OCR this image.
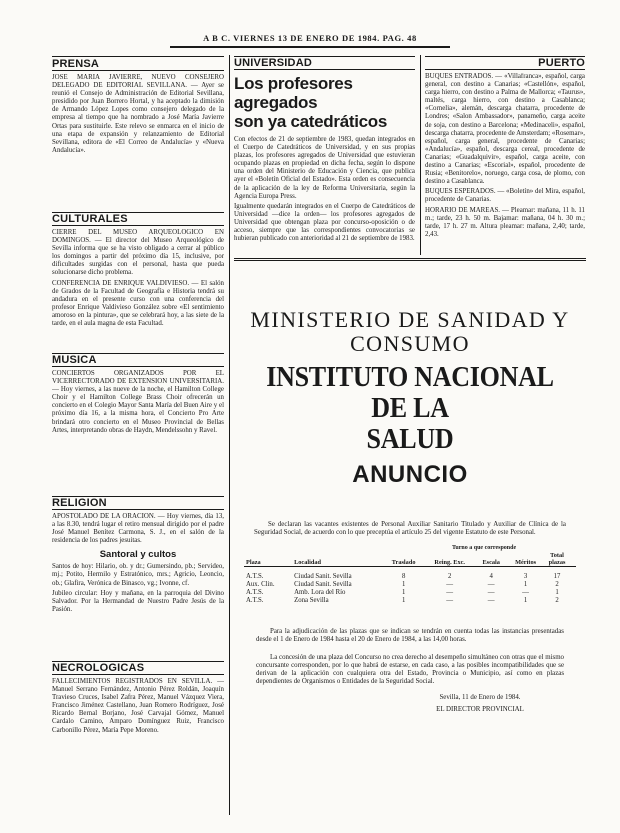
A B C. VIERNES 13 DE ENERO DE 1984. PAG. 48
PRENSA

JOSE MARIA JAVIERRE, NUEVO CONSEJERO DELEGADO DE EDITORIAL SEVILLANA. — Ayer se reunió el Consejo de Administración de Editorial Sevillana, presidido por Juan Borrero Hortal, y ha aceptado la dimisión de Armando López Lopes como consejero delegado de la empresa al tiempo que ha nombrado a José María Javierre Ortas para sustituirle. Este relevo se enmarca en el inicio de una etapa de expansión y relanzamiento de Editorial Sevillana, editora de «El Correo de Andalucía» y «Nueva Andalucía».

CULTURALES

CIERRE DEL MUSEO ARQUEOLOGICO EN DOMINGOS. — El director del Museo Arqueológico de Sevilla informa que se ha visto obligado a cerrar al público los domingos a partir del próximo día 15, inclusive, por dificultades surgidas con el personal, hasta que pueda solucionarse dicho problema.

CONFERENCIA DE ENRIQUE VALDIVIESO. — El salón de Grados de la Facultad de Geografía e Historia tendrá su andadura en el presente curso con una conferencia del profesor Enrique Valdivieso González sobre «El sentimiento amoroso en la pintura», que se celebrará hoy, a las siete de la tarde, en el aula magna de esta Facultad.

MUSICA

CONCIERTOS ORGANIZADOS POR EL VICERRECTORADO DE EXTENSION UNIVERSITARIA. — Hoy viernes, a las nueve de la noche, el Hamilton College Choir y el Hamilton College Brass Choir ofrecerán un concierto en el Colegio Mayor Santa María del Buen Aire y el próximo día 16, a la misma hora, el Concierto Pro Arte brindará otro concierto en el Museo Provincial de Bellas Artes, interpretando obras de Haydn, Mendelssohn y Ravel.

RELIGION

APOSTOLADO DE LA ORACION. — Hoy viernes, día 13, a las 8.30, tendrá lugar el retiro mensual dirigido por el padre José Manuel Benítez Carmona, S. J., en el salón de la residencia de los padres jesuitas.

Santoral y cultos

Santos de hoy: Hilario, ob. y dr.; Gumersindo, pb.; Servideo, mj.; Potito, Hermilo y Estratónico, mrs.; Agricio, Leoncio, ob.; Glafira, Verónica de Binasco, vg.; Ivonne, cf.

Jubileo circular: Hoy y mañana, en la parroquia del Divino Salvador. Por la Hermandad de Nuestro Padre Jesús de la Pasión.

NECROLOGICAS

FALLECIMIENTOS REGISTRADOS EN SEVILLA. — Manuel Serrano Fernández, Antonio Pérez Roldán, Joaquín Travieso Cruces, Isabel Zafra Pérez, Manuel Vázquez Viera, Francisco Jiménez Castellano, Juan Romero Rodríguez, José Ricardo Bernal Borjano, José Carvajal Gómez, Manuel Cardalo Camino, Amparo Domínguez Ruiz, Francisco Carbonillo Pérez, María Pepe Moreno.

UNIVERSIDAD
Los profesores agregados
son ya catedráticos

Con efectos de 21 de septiembre de 1983, quedan integrados en el Cuerpo de Catedráticos de Universidad, y en sus propias plazas, los profesores agregados de Universidad que estuvieran ocupando plazas en propiedad en dicha fecha, según lo dispone una orden del Ministerio de Educación y Ciencia, que publica ayer el «Boletín Oficial del Estado». Esta orden es consecuencia de la aplicación de la ley de Reforma Universitaria, según la Agencia Europa Press.

Igualmente quedarán integrados en el Cuerpo de Catedráticos de Universidad —dice la orden— los profesores agregados de Universidad que obtengan plaza por concurso-oposición o de acceso, siempre que las correspondientes convocatorias se hubieran publicado con anterioridad al 21 de septiembre de 1983.

PUERTO

BUQUES ENTRADOS. — «Villafranca», español, carga general, con destino a Canarias; «Castellón», español, carga hierro, con destino a Palma de Mallorca; «Taurus», maltés, carga hierro, con destino a Casablanca; «Cornelia», alemán, descarga chatarra, procedente de Londres; «Salon Ambassador», panameño, carga aceite de soja, con destino a Barcelona; «Medinaceli», español, descarga chatarra, procedente de Amsterdam; «Rosemar», español, carga general, procedente de Canarias; «Andalucía», español, descarga cereal, procedente de Canarias; «Guadalquivir», español, carga aceite, con destino a Canarias; «Escorial», español, procedente de Rusia; «Benitorelo», noruego, carga cosa, de plomo, con destino a Casablanca.

BUQUES ESPERADOS. — «Boletín» del Mira, español, procedente de Canarias.

HORARIO DE MAREAS. — Pleamar: mañana, 11 h. 11 m.; tarde, 23 h. 50 m. Bajamar: mañana, 04 h. 30 m.; tarde, 17 h. 27 m. Altura pleamar: mañana, 2,40; tarde, 2,43.

MINISTERIO DE SANIDAD Y
CONSUMO
INSTITUTO NACIONAL DE LA
SALUD
ANUNCIO
Se declaran las vacantes existentes de Personal Auxiliar Sanitario Titulado y Auxiliar de Clínica de la Seguridad Social, de acuerdo con lo que preceptúa el artículo 25 del vigente Estatuto de este Personal.
			Turno a que corresponde				
Plaza	Localidad	Traslado	Reing. Exc.	Escala	Méritos	Total plazas	

A.T.S.	Ciudad Sanit. Sevilla	8	2	4	3	17	
Aux. Clin.	Ciudad Sanit. Sevilla	1	—	—	1	2	
A.T.S.	Amb. Lora del Río	1	—	—	—	1	
A.T.S.	Zona Sevilla	1	—	—	1	2	
Para la adjudicación de las plazas que se indican se tendrán en cuenta todas las instancias presentadas desde el 1 de Enero de 1984 hasta el 20 de Enero de 1984, a las 14,00 horas.
La concesión de una plaza del Concurso no crea derecho al desempeño simultáneo con otras que el mismo concursante corresponden, por lo que habrá de estarse, en cada caso, a las posibles incompatibilidades que se derivan de la aplicación con cualquiera otra del Estado, Provincia o Municipio, así como en plazas dependientes de Organismos o Entidades de la Seguridad Social.
Sevilla, 11 de Enero de 1984.
EL DIRECTOR PROVINCIAL
